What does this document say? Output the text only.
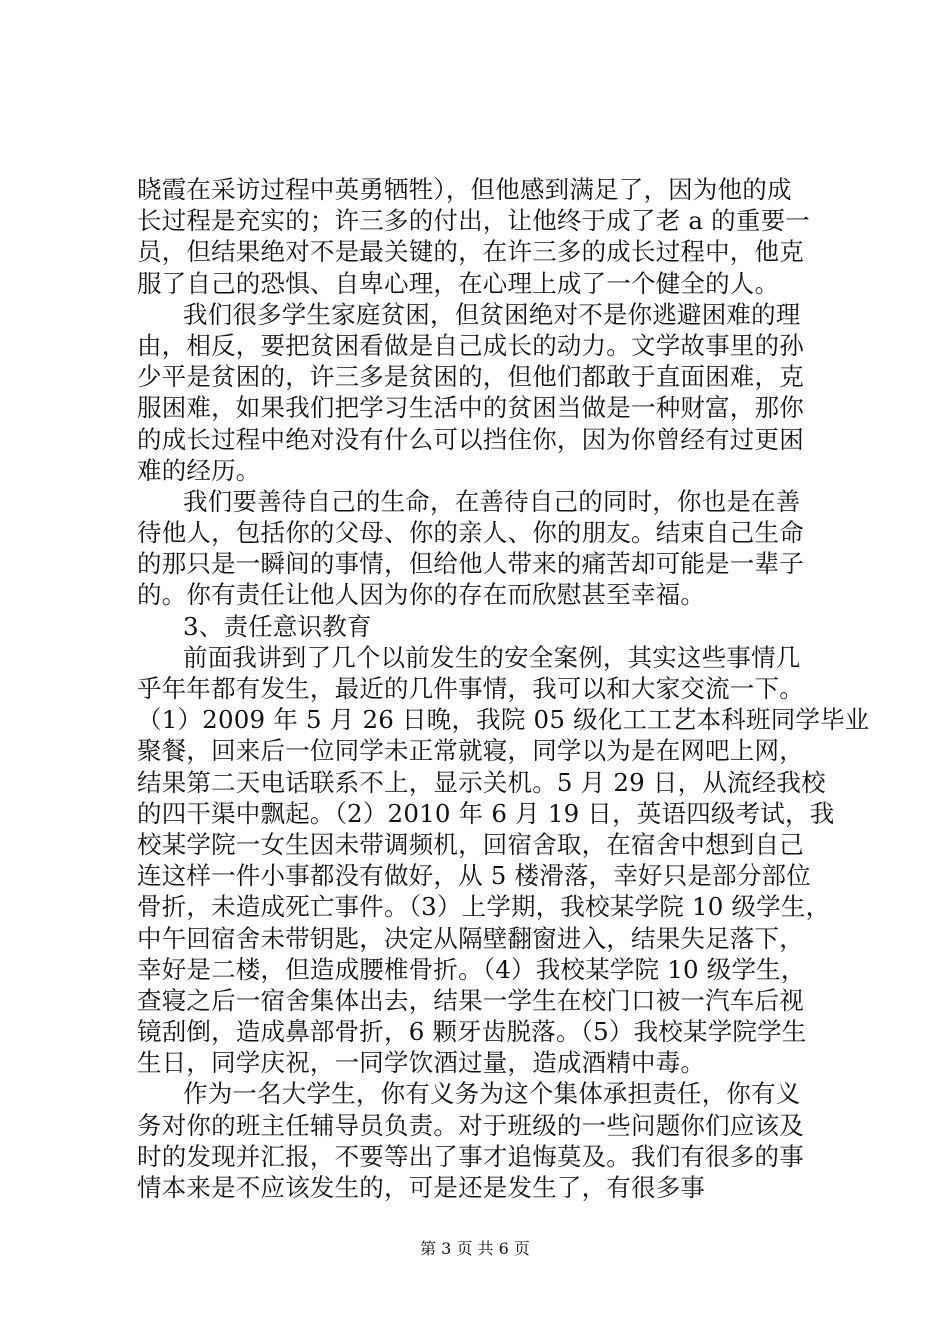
晓霞在采访过程中英勇牺牲），但他感到满足了，因为他的成
长过程是充实的；许三多的付出，让他终于成了老 a 的重要一
员，但结果绝对不是最关键的，在许三多的成长过程中，他克
服了自己的恐惧、自卑心理，在心理上成了一个健全的人。
我们很多学生家庭贫困，但贫困绝对不是你逃避困难的理
由，相反，要把贫困看做是自己成长的动力。文学故事里的孙
少平是贫困的，许三多是贫困的，但他们都敢于直面困难，克
服困难，如果我们把学习生活中的贫困当做是一种财富，那你
的成长过程中绝对没有什么可以挡住你，因为你曾经有过更困
难的经历。
我们要善待自己的生命，在善待自己的同时，你也是在善
待他人，包括你的父母、你的亲人、你的朋友。结束自己生命
的那只是一瞬间的事情，但给他人带来的痛苦却可能是一辈子
的。你有责任让他人因为你的存在而欣慰甚至幸福。
3、责任意识教育
前面我讲到了几个以前发生的安全案例，其实这些事情几
乎年年都有发生，最近的几件事情，我可以和大家交流一下。
（1）2009 年 5 月 26 日晚，我院 05 级化工工艺本科班同学毕业
聚餐，回来后一位同学未正常就寝，同学以为是在网吧上网，
结果第二天电话联系不上，显示关机。5 月 29 日，从流经我校
的四干渠中飘起。（2）2010 年 6 月 19 日，英语四级考试，我
校某学院一女生因未带调频机，回宿舍取，在宿舍中想到自己
连这样一件小事都没有做好，从 5 楼滑落，幸好只是部分部位
骨折，未造成死亡事件。（3）上学期，我校某学院 10 级学生，
中午回宿舍未带钥匙，决定从隔壁翻窗进入，结果失足落下，
幸好是二楼，但造成腰椎骨折。（4）我校某学院 10 级学生，
查寝之后一宿舍集体出去，结果一学生在校门口被一汽车后视
镜刮倒，造成鼻部骨折，6 颗牙齿脱落。（5）我校某学院学生
生日，同学庆祝，一同学饮酒过量，造成酒精中毒。
作为一名大学生，你有义务为这个集体承担责任，你有义
务对你的班主任辅导员负责。对于班级的一些问题你们应该及
时的发现并汇报，不要等出了事才追悔莫及。我们有很多的事
情本来是不应该发生的，可是还是发生了，有很多事
第 3 页 共 6 页
